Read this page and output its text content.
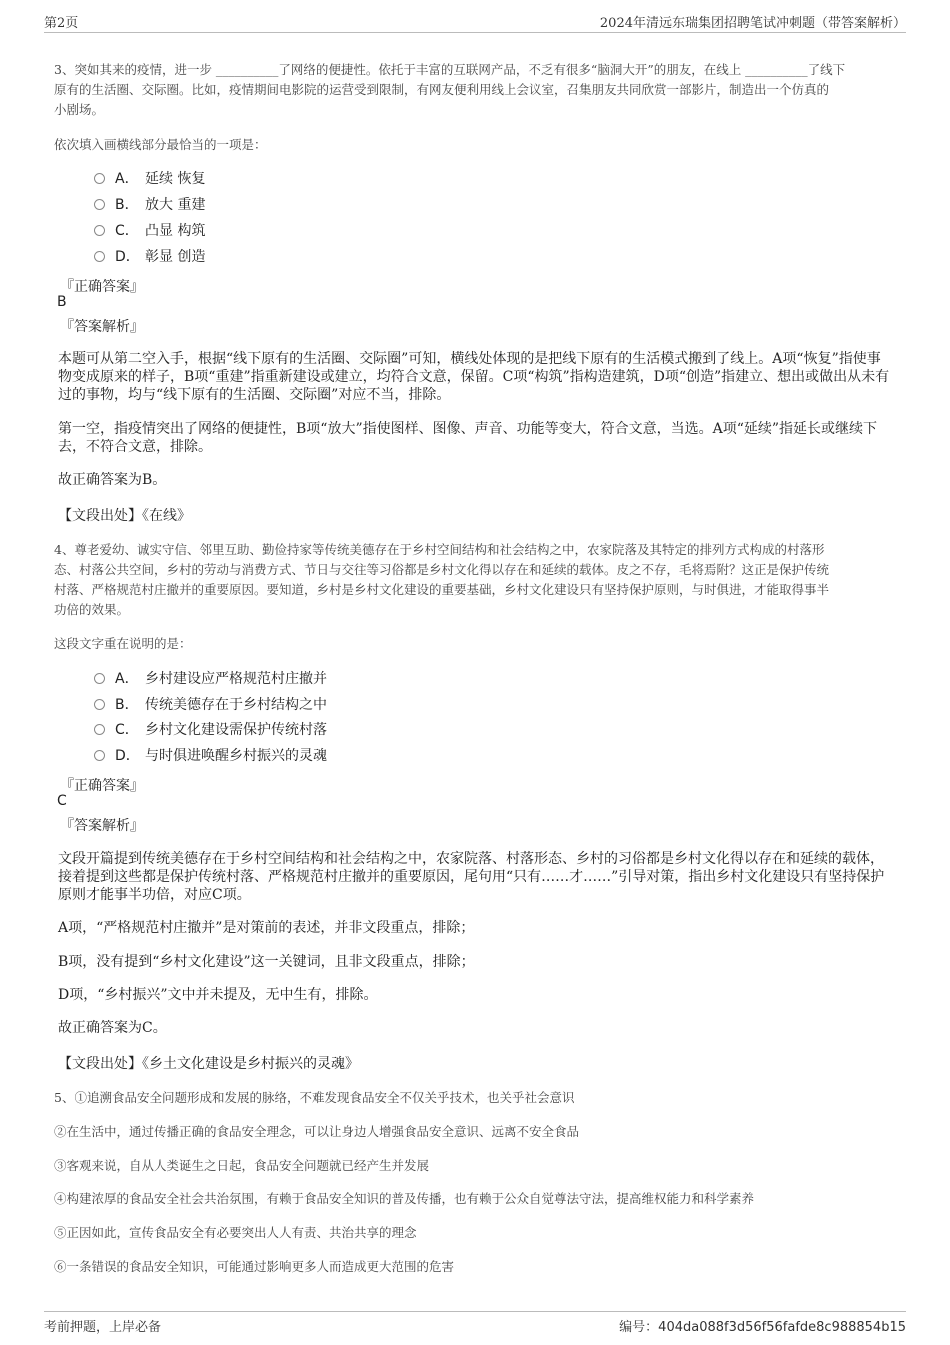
第2页	2024年清远东瑞集团招聘笔试冲刺题（带答案解析）
3、突如其来的疫情，进一步 __________了网络的便捷性。依托于丰富的互联网产品，不乏有很多“脑洞大开”的朋友，在线上 __________了线下
原有的生活圈、交际圈。比如，疫情期间电影院的运营受到限制，有网友便利用线上会议室，召集朋友共同欣赏一部影片，制造出一个仿真的
小剧场。
依次填入画横线部分最恰当的一项是：
A． 延续 恢复
B． 放大 重建
C． 凸显 构筑
D． 彰显 创造
『正确答案』
B
『答案解析』
本题可从第二空入手，根据“线下原有的生活圈、交际圈”可知，横线处体现的是把线下原有的生活模式搬到了线上。A项“恢复”指使事物变成原来的样子，B项“重建”指重新建设或建立，均符合文意，保留。C项“构筑”指构造建筑，D项“创造”指建立、想出或做出从未有过的事物，均与“线下原有的生活圈、交际圈”对应不当，排除。
第一空，指疫情突出了网络的便捷性，B项“放大”指使图样、图像、声音、功能等变大，符合文意，当选。A项“延续”指延长或继续下去，不符合文意，排除。
故正确答案为B。
【文段出处】《在线》
4、尊老爱幼、诚实守信、邻里互助、勤俭持家等传统美德存在于乡村空间结构和社会结构之中，农家院落及其特定的排列方式构成的村落形
态、村落公共空间，乡村的劳动与消费方式、节日与交往等习俗都是乡村文化得以存在和延续的载体。皮之不存，毛将焉附？这正是保护传统
村落、严格规范村庄撤并的重要原因。要知道，乡村是乡村文化建设的重要基础，乡村文化建设只有坚持保护原则，与时俱进，才能取得事半
功倍的效果。
这段文字重在说明的是：
A． 乡村建设应严格规范村庄撤并
B． 传统美德存在于乡村结构之中
C． 乡村文化建设需保护传统村落
D． 与时俱进唤醒乡村振兴的灵魂
『正确答案』
C
『答案解析』
文段开篇提到传统美德存在于乡村空间结构和社会结构之中，农家院落、村落形态、乡村的习俗都是乡村文化得以存在和延续的载体，接着提到这些都是保护传统村落、严格规范村庄撤并的重要原因，尾句用“只有……才……”引导对策，指出乡村文化建设只有坚持保护原则才能事半功倍，对应C项。
A项，“严格规范村庄撤并”是对策前的表述，并非文段重点，排除；
B项，没有提到“乡村文化建设”这一关键词，且非文段重点，排除；
D项，“乡村振兴”文中并未提及，无中生有，排除。
故正确答案为C。
【文段出处】《乡土文化建设是乡村振兴的灵魂》
5、①追溯食品安全问题形成和发展的脉络，不难发现食品安全不仅关乎技术，也关乎社会意识
②在生活中，通过传播正确的食品安全理念，可以让身边人增强食品安全意识、远离不安全食品
③客观来说，自从人类诞生之日起，食品安全问题就已经产生并发展
④构建浓厚的食品安全社会共治氛围，有赖于食品安全知识的普及传播，也有赖于公众自觉尊法守法，提高维权能力和科学素养
⑤正因如此，宣传食品安全有必要突出人人有责、共治共享的理念
⑥一条错误的食品安全知识，可能通过影响更多人而造成更大范围的危害
考前押题，上岸必备	编号：404da088f3d56f56fafde8c988854b15
